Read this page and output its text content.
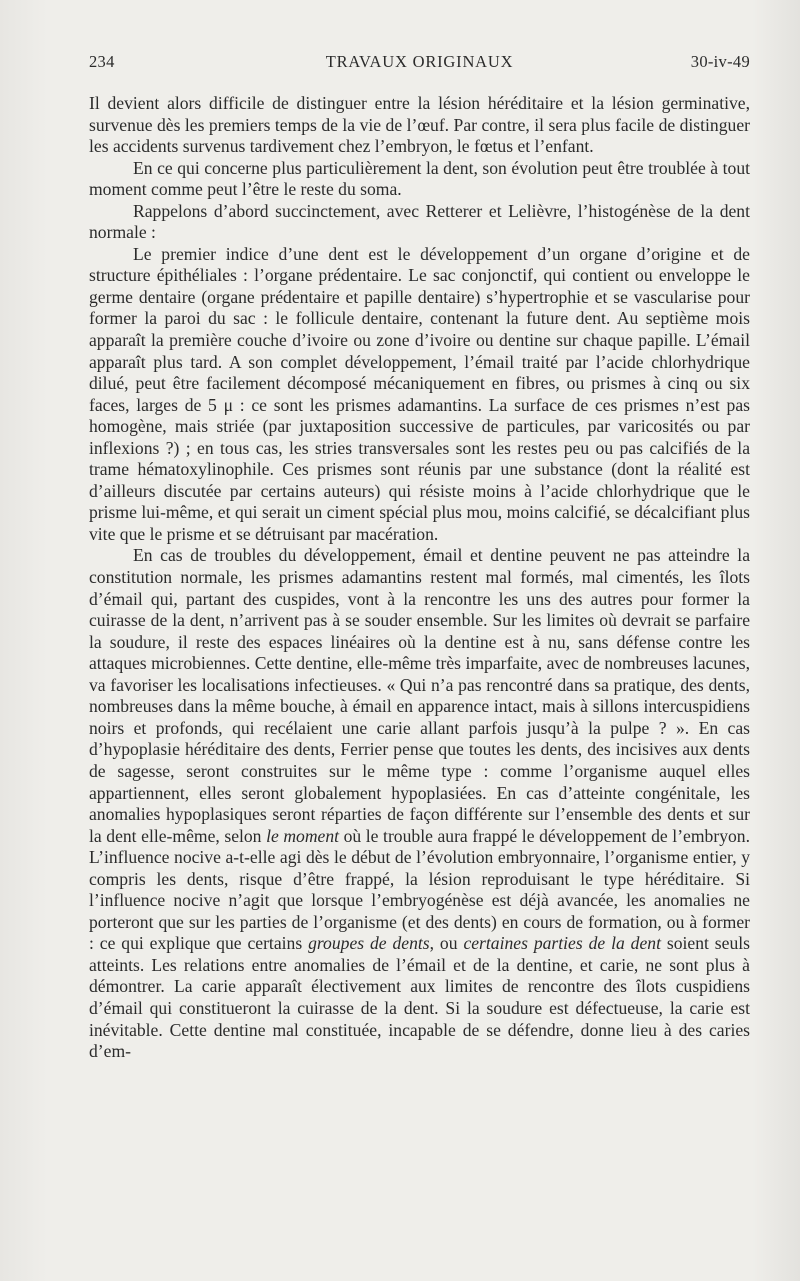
234	TRAVAUX ORIGINAUX	30-iv-49

Il devient alors difficile de distinguer entre la lésion héréditaire et la lésion germinative, survenue dès les premiers temps de la vie de l’œuf. Par contre, il sera plus facile de distinguer les accidents survenus tardivement chez l’embryon, le fœtus et l’enfant.

En ce qui concerne plus particulièrement la dent, son évolution peut être troublée à tout moment comme peut l’être le reste du soma.

Rappelons d’abord succinctement, avec Retterer et Lelièvre, l’histogénèse de la dent normale :

Le premier indice d’une dent est le développement d’un organe d’origine et de structure épithéliales : l’organe prédentaire. Le sac conjonctif, qui contient ou enveloppe le germe dentaire (organe prédentaire et papille dentaire) s’hypertrophie et se vascularise pour former la paroi du sac : le follicule dentaire, contenant la future dent. Au septième mois apparaît la première couche d’ivoire ou zone d’ivoire ou dentine sur chaque papille. L’émail apparaît plus tard. A son complet développement, l’émail traité par l’acide chlorhydrique dilué, peut être facilement décomposé mécaniquement en fibres, ou prismes à cinq ou six faces, larges de 5 μ : ce sont les prismes adamantins. La surface de ces prismes n’est pas homogène, mais striée (par juxtaposition successive de particules, par varicosités ou par inflexions ?) ; en tous cas, les stries transversales sont les restes peu ou pas calcifiés de la trame hématoxylinophile. Ces prismes sont réunis par une substance (dont la réalité est d’ailleurs discutée par certains auteurs) qui résiste moins à l’acide chlorhydrique que le prisme lui-même, et qui serait un ciment spécial plus mou, moins calcifié, se décalcifiant plus vite que le prisme et se détruisant par macération.

En cas de troubles du développement, émail et dentine peuvent ne pas atteindre la constitution normale, les prismes adamantins restent mal formés, mal cimentés, les îlots d’émail qui, partant des cuspides, vont à la rencontre les uns des autres pour former la cuirasse de la dent, n’arrivent pas à se souder ensemble. Sur les limites où devrait se parfaire la soudure, il reste des espaces linéaires où la dentine est à nu, sans défense contre les attaques microbiennes. Cette dentine, elle-même très imparfaite, avec de nombreuses lacunes, va favoriser les localisations infectieuses. « Qui n’a pas rencontré dans sa pratique, des dents, nombreuses dans la même bouche, à émail en apparence intact, mais à sillons intercuspidiens noirs et profonds, qui recélaient une carie allant parfois jusqu’à la pulpe ? ». En cas d’hypoplasie héréditaire des dents, Ferrier pense que toutes les dents, des incisives aux dents de sagesse, seront construites sur le même type : comme l’organisme auquel elles appartiennent, elles seront globalement hypoplasiées. En cas d’atteinte congénitale, les anomalies hypoplasiques seront réparties de façon différente sur l’ensemble des dents et sur la dent elle-même, selon le moment où le trouble aura frappé le développement de l’embryon. L’influence nocive a-t-elle agi dès le début de l’évolution embryonnaire, l’organisme entier, y compris les dents, risque d’être frappé, la lésion reproduisant le type héréditaire. Si l’influence nocive n’agit que lorsque l’embryogénèse est déjà avancée, les anomalies ne porteront que sur les parties de l’organisme (et des dents) en cours de formation, ou à former : ce qui explique que certains groupes de dents, ou certaines parties de la dent soient seuls atteints. Les relations entre anomalies de l’émail et de la dentine, et carie, ne sont plus à démontrer. La carie apparaît électivement aux limites de rencontre des îlots cuspidiens d’émail qui constitueront la cuirasse de la dent. Si la soudure est défectueuse, la carie est inévitable. Cette dentine mal constituée, incapable de se défendre, donne lieu à des caries d’em-
